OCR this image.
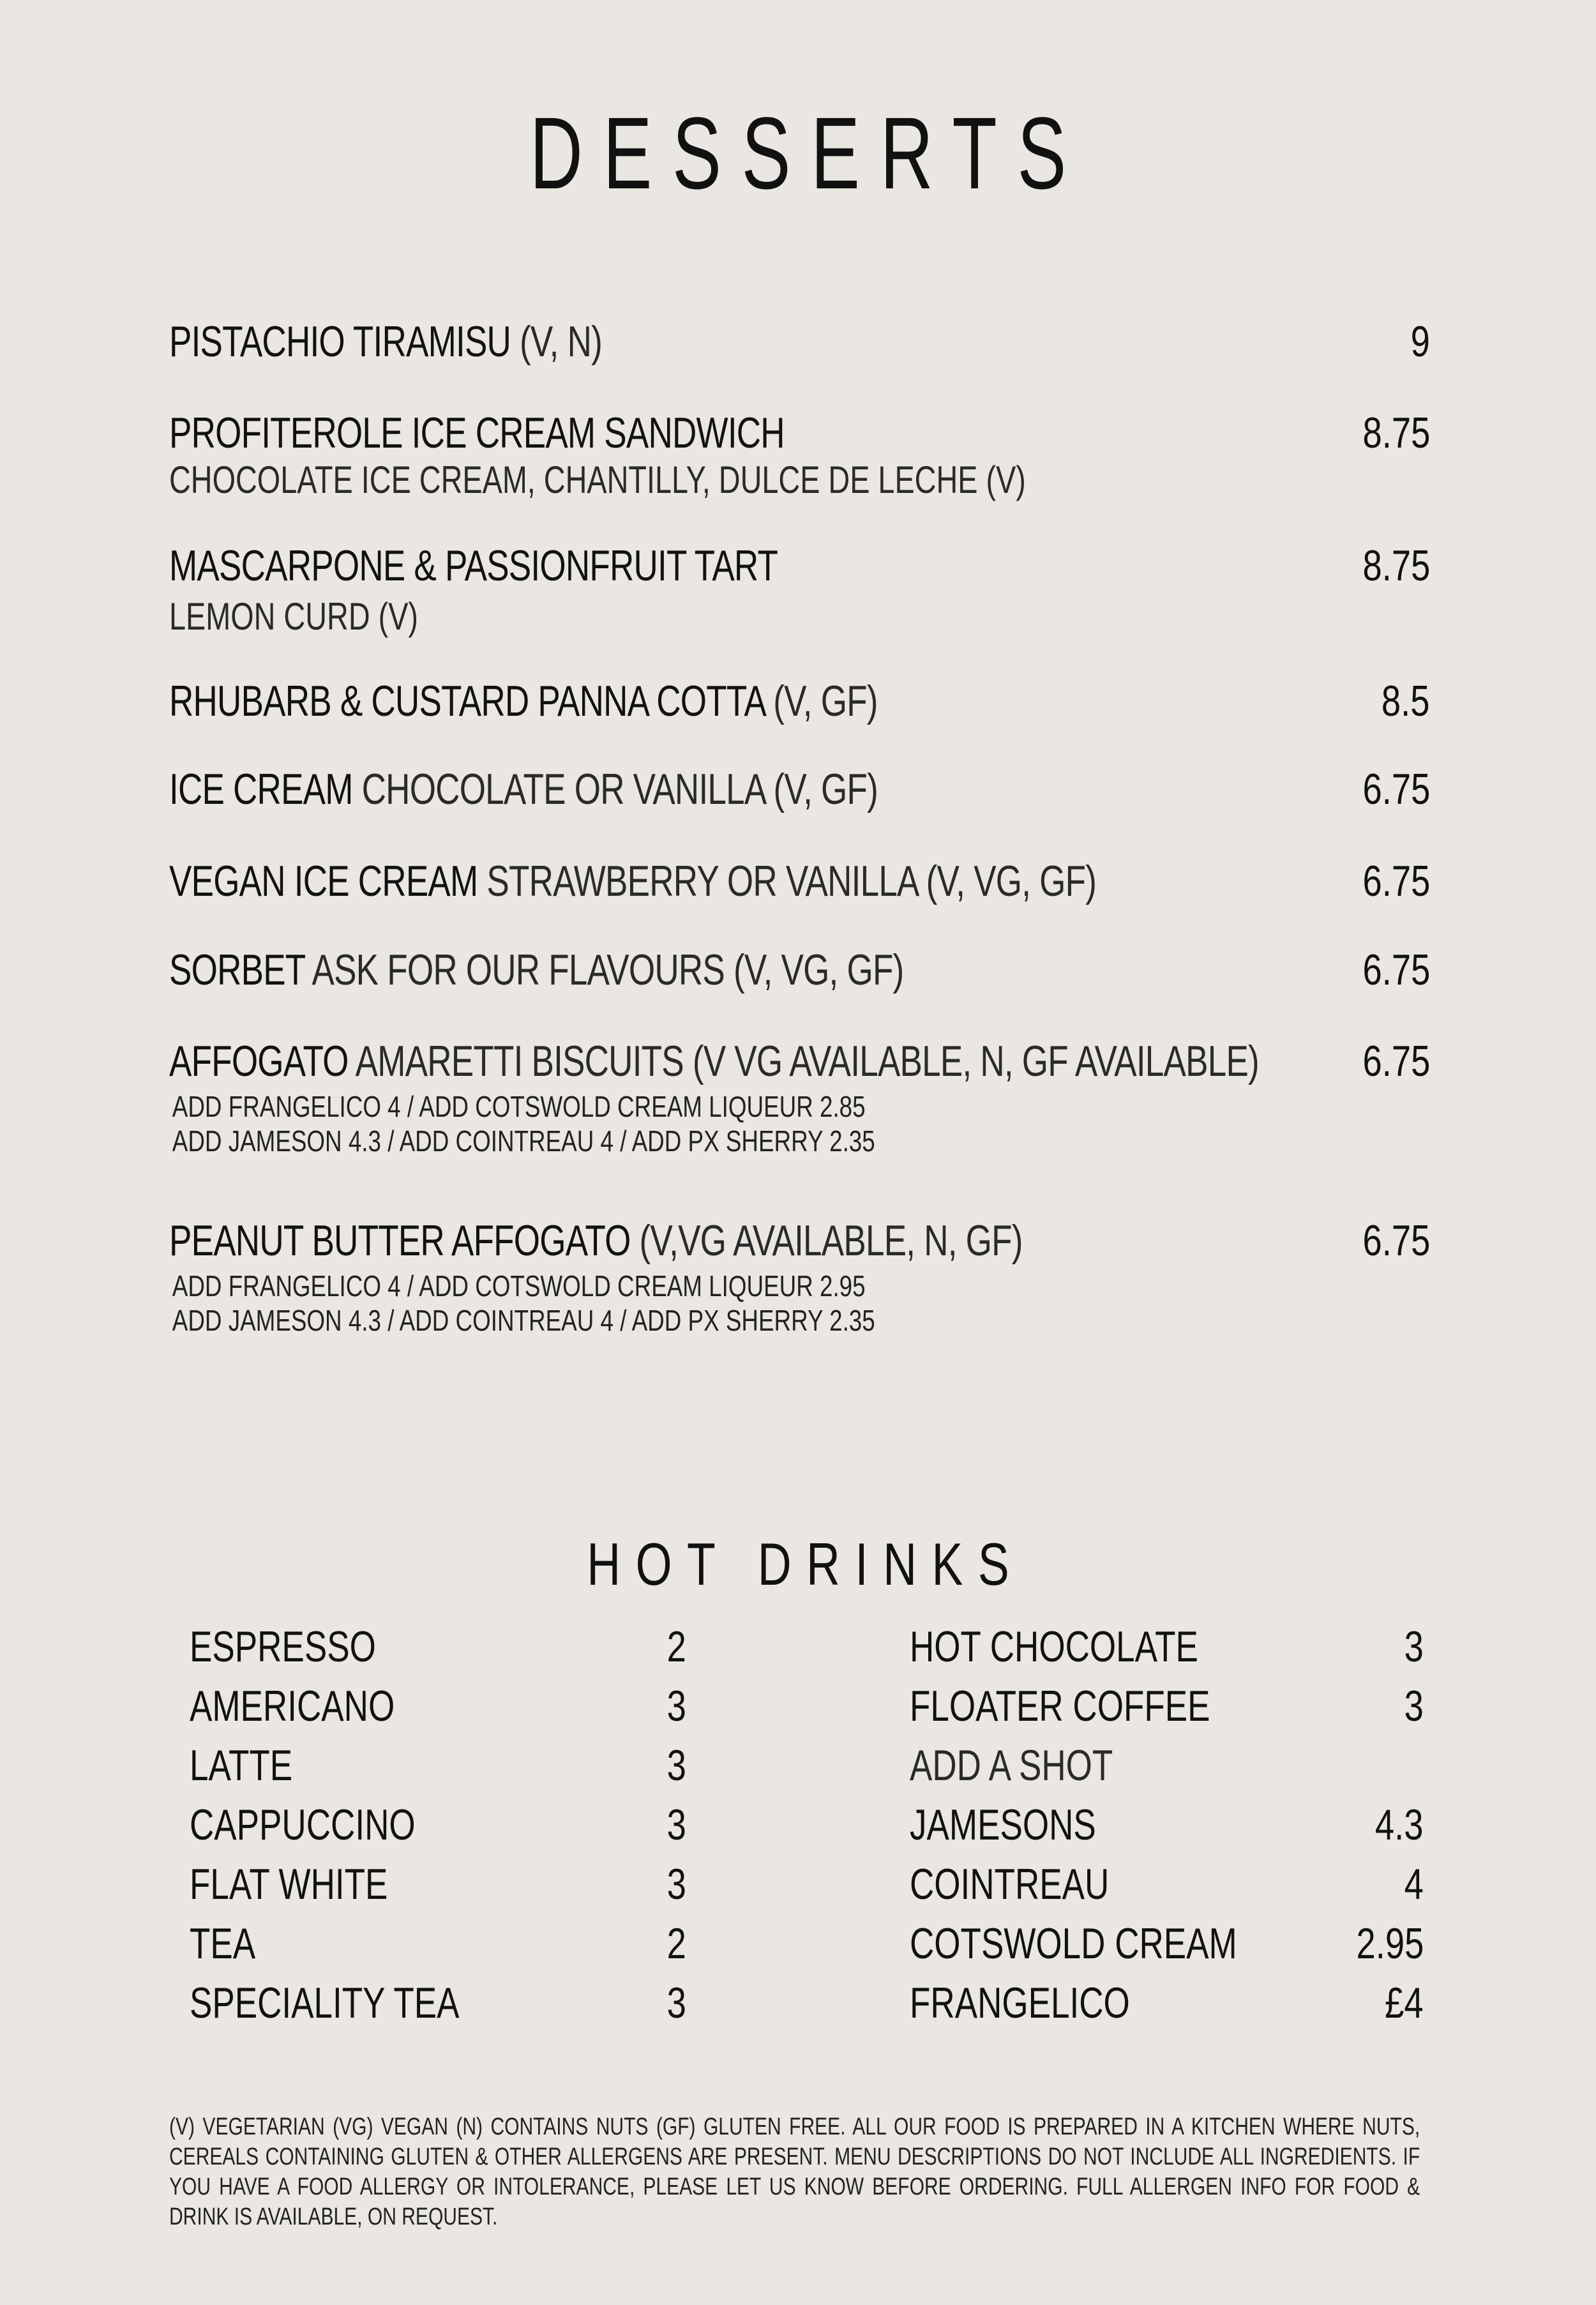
DESSERTS
PISTACHIO TIRAMISU (V, N)	9
PROFITEROLE ICE CREAM SANDWICH	8.75
CHOCOLATE ICE CREAM, CHANTILLY, DULCE DE LECHE (V)
MASCARPONE & PASSIONFRUIT TART	8.75
LEMON CURD (V)
RHUBARB & CUSTARD PANNA COTTA (V, GF)	8.5
ICE CREAM CHOCOLATE OR VANILLA (V, GF)	6.75
VEGAN ICE CREAM STRAWBERRY OR VANILLA (V, VG, GF)	6.75
SORBET ASK FOR OUR FLAVOURS (V, VG, GF)	6.75
AFFOGATO AMARETTI BISCUITS (V VG AVAILABLE, N, GF AVAILABLE) 6.75
ADD FRANGELICO 4 / ADD COTSWOLD CREAM LIQUEUR 2.85
ADD JAMESON 4.3 / ADD COINTREAU 4 / ADD PX SHERRY 2.35
PEANUT BUTTER AFFOGATO (V,VG AVAILABLE, N, GF)	6.75
ADD FRANGELICO 4 / ADD COTSWOLD CREAM LIQUEUR 2.95
ADD JAMESON 4.3 / ADD COINTREAU 4 / ADD PX SHERRY 2.35
HOT DRINKS
ESPRESSO	2
AMERICANO	3
LATTE	3
CAPPUCCINO	3
FLAT WHITE	3
TEA	2
SPECIALITY TEA	3
HOT CHOCOLATE	3
FLOATER COFFEE	3
ADD A SHOT
JAMESONS	4.3
COINTREAU	4
COTSWOLD CREAM	2.95
FRANGELICO	£4
(V) VEGETARIAN (VG) VEGAN (N) CONTAINS NUTS (GF) GLUTEN FREE. ALL OUR FOOD IS PREPARED IN A KITCHEN WHERE NUTS, CEREALS CONTAINING GLUTEN & OTHER ALLERGENS ARE PRESENT. MENU DESCRIPTIONS DO NOT INCLUDE ALL INGREDIENTS. IF YOU HAVE A FOOD ALLERGY OR INTOLERANCE, PLEASE LET US KNOW BEFORE ORDERING. FULL ALLERGEN INFO FOR FOOD & DRINK IS AVAILABLE, ON REQUEST.
